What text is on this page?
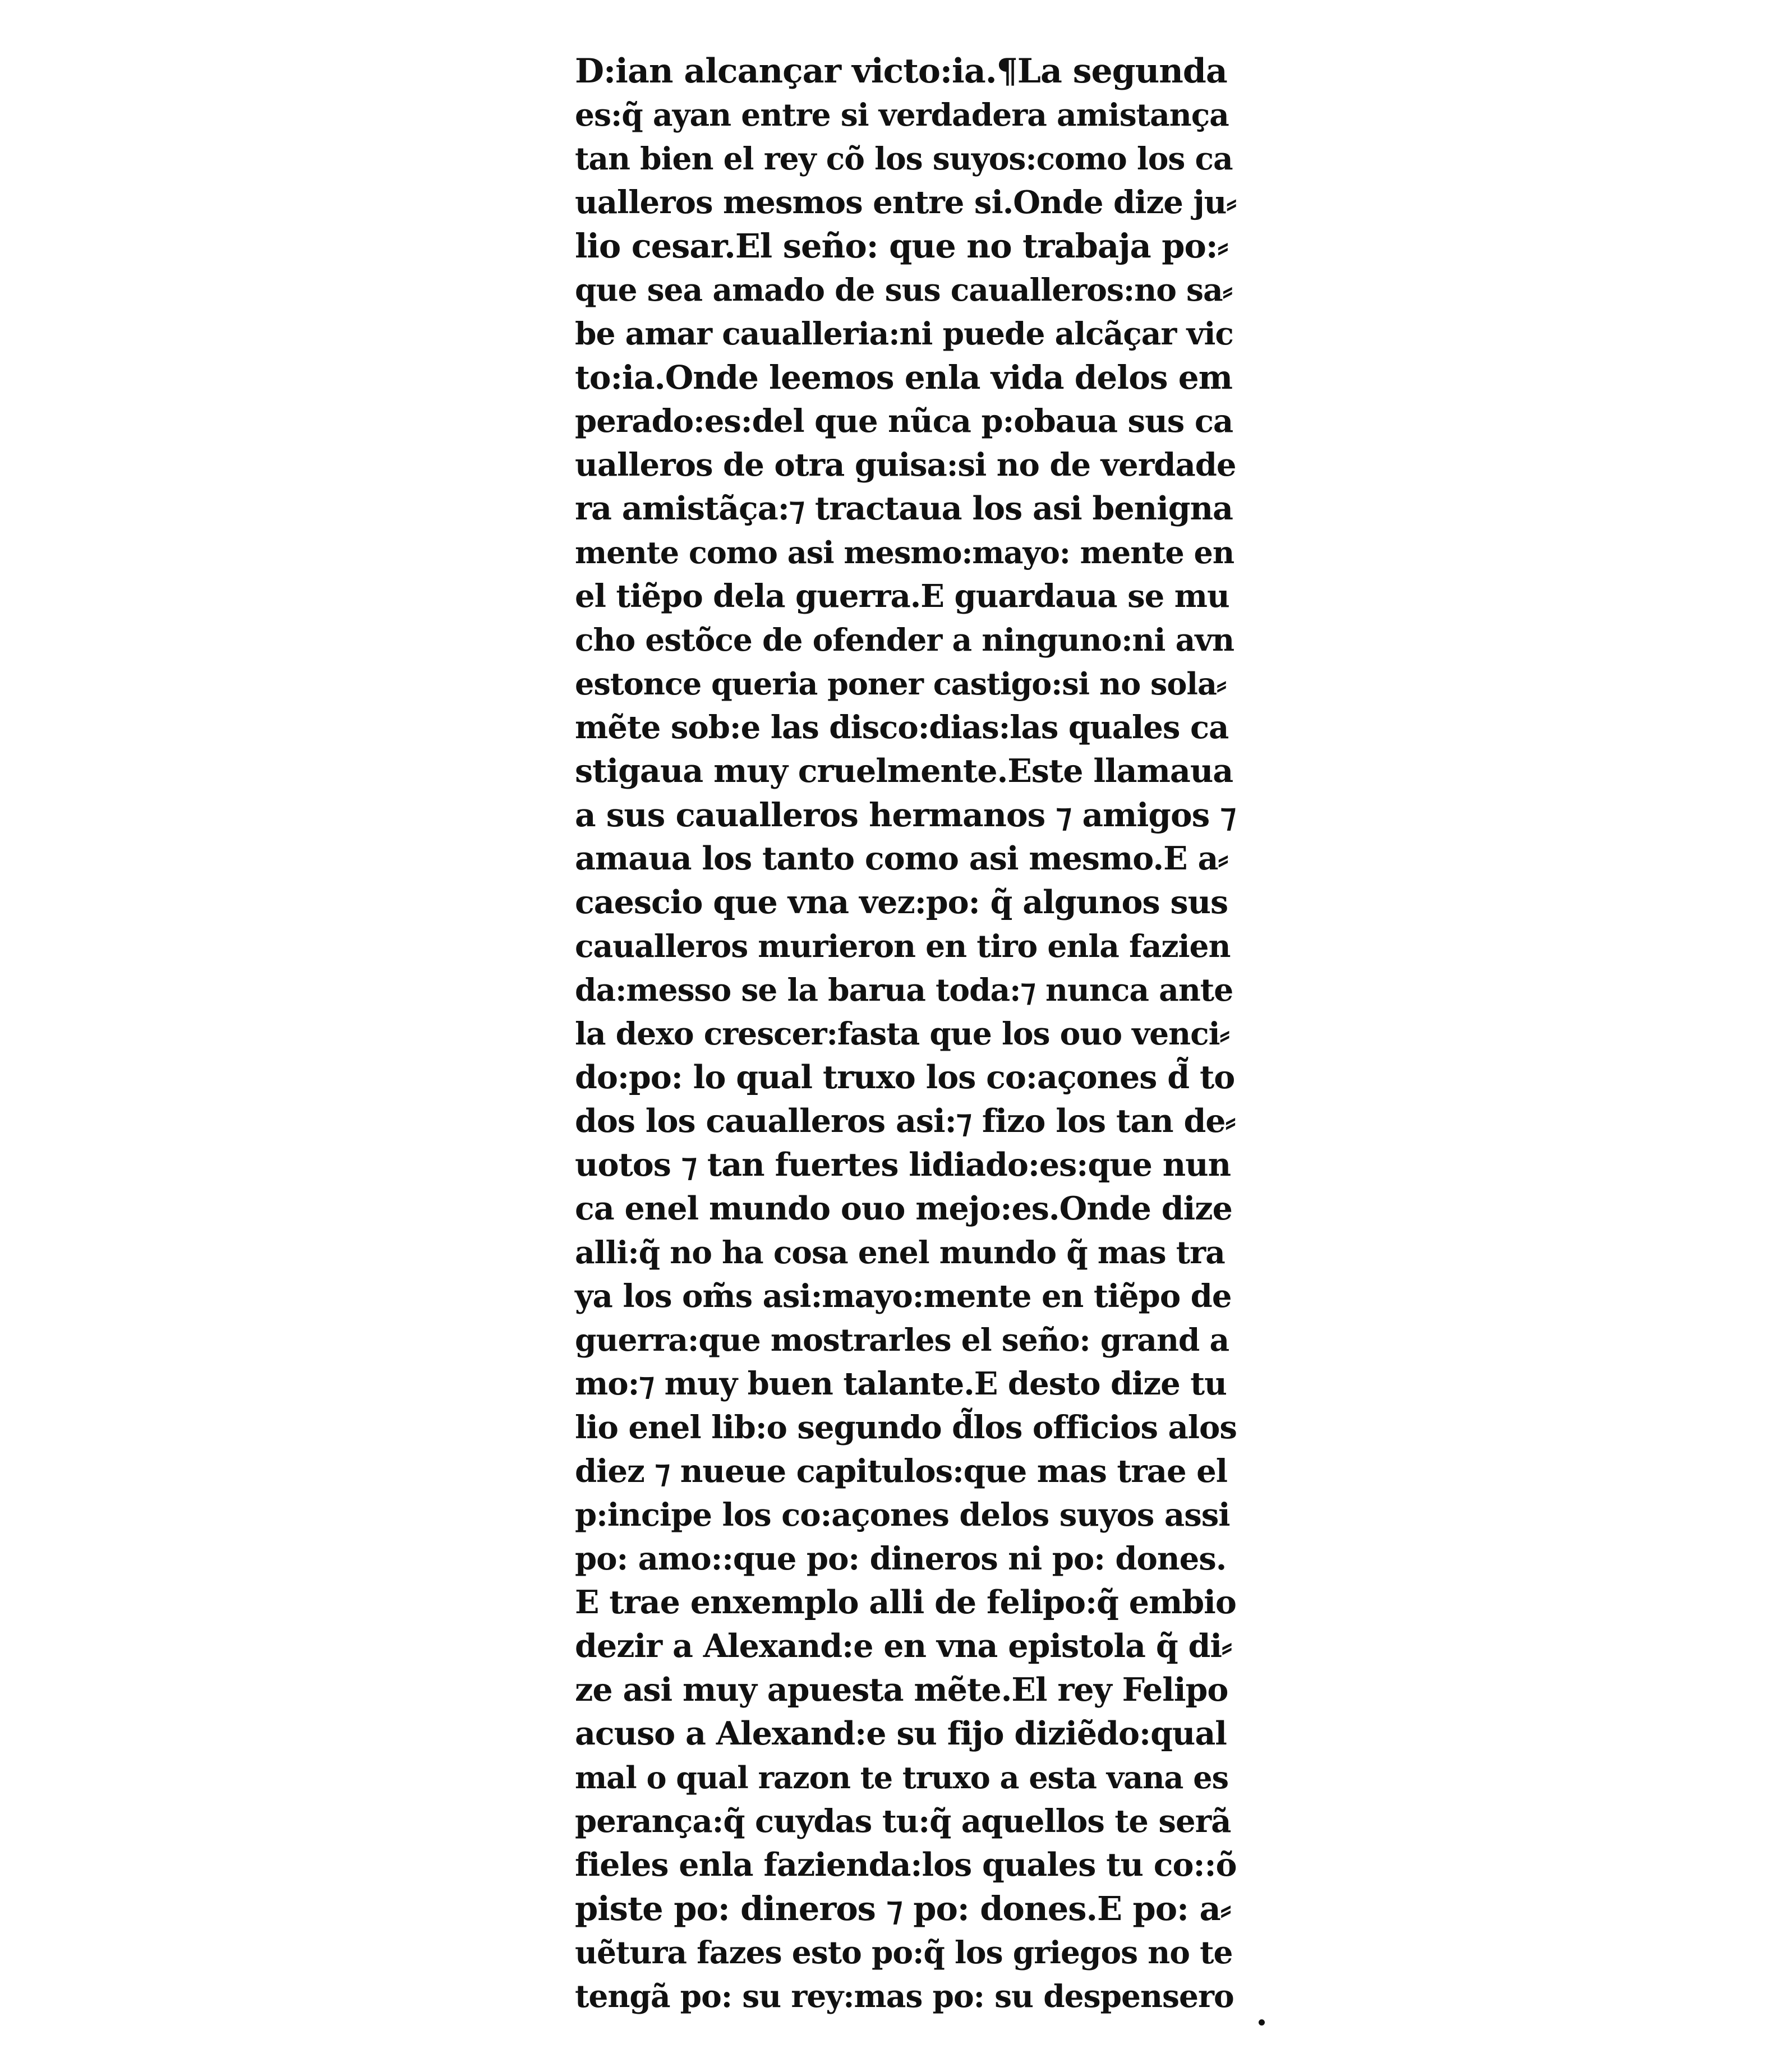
D:ian alcançar victo:ia.¶La segunda
es:q̃ ayan entre si verdadera amistança
tan bien el rey cõ los suyos:como los ca
ualleros mesmos entre si.Onde dize ju⸗
lio cesar.El seño: que no trabaja po:⸗
que sea amado de sus caualleros:no sa⸗
be amar caualleria:ni puede alcãçar vic
to:ia.Onde leemos enla vida delos em
perado:es:del que nũca p:obaua sus ca
ualleros de otra guisa:si no de verdade
ra amistãça:⁊ tractaua los asi benigna
mente como asi mesmo:mayo: mente en
el tiẽpo dela guerra.E guardaua se mu
cho estõce de ofender a ninguno:ni avn
estonce queria poner castigo:si no sola⸗
mẽte sob:e las disco:dias:las quales ca
stigaua muy cruelmente.Este llamaua
a sus caualleros hermanos ⁊ amigos ⁊
amaua los tanto como asi mesmo.E a⸗
caescio que vna vez:po: q̃ algunos sus
caualleros murieron en tiro enla fazien
da:messo se la barua toda:⁊ nunca ante
la dexo crescer:fasta que los ouo venci⸗
do:po: lo qual truxo los co:açones d̃ to
dos los caualleros asi:⁊ fizo los tan de⸗
uotos ⁊ tan fuertes lidiado:es:que nun
ca enel mundo ouo mejo:es.Onde dize
alli:q̃ no ha cosa enel mundo q̃ mas tra
ya los om̃s asi:mayo:mente en tiẽpo de
guerra:que mostrarles el seño: grand a
mo:⁊ muy buen talante.E desto dize tu
lio enel lib:o segundo d̃los officios alos
diez ⁊ nueue capitulos:que mas trae el
p:incipe los co:açones delos suyos assi
po: amo::que po: dineros ni po: dones.
E trae enxemplo alli de felipo:q̃ embio
dezir a Alexand:e en vna epistola q̃ di⸗
ze asi muy apuesta mẽte.El rey Felipo
acuso a Alexand:e su fijo diziẽdo:qual
mal o qual razon te truxo a esta vana es
perança:q̃ cuydas tu:q̃ aquellos te serã
fieles enla fazienda:los quales tu co::õ
piste po: dineros ⁊ po: dones.E po: a⸗
uẽtura fazes esto po:q̃ los griegos no te
tengã po: su rey:mas po: su despensero
